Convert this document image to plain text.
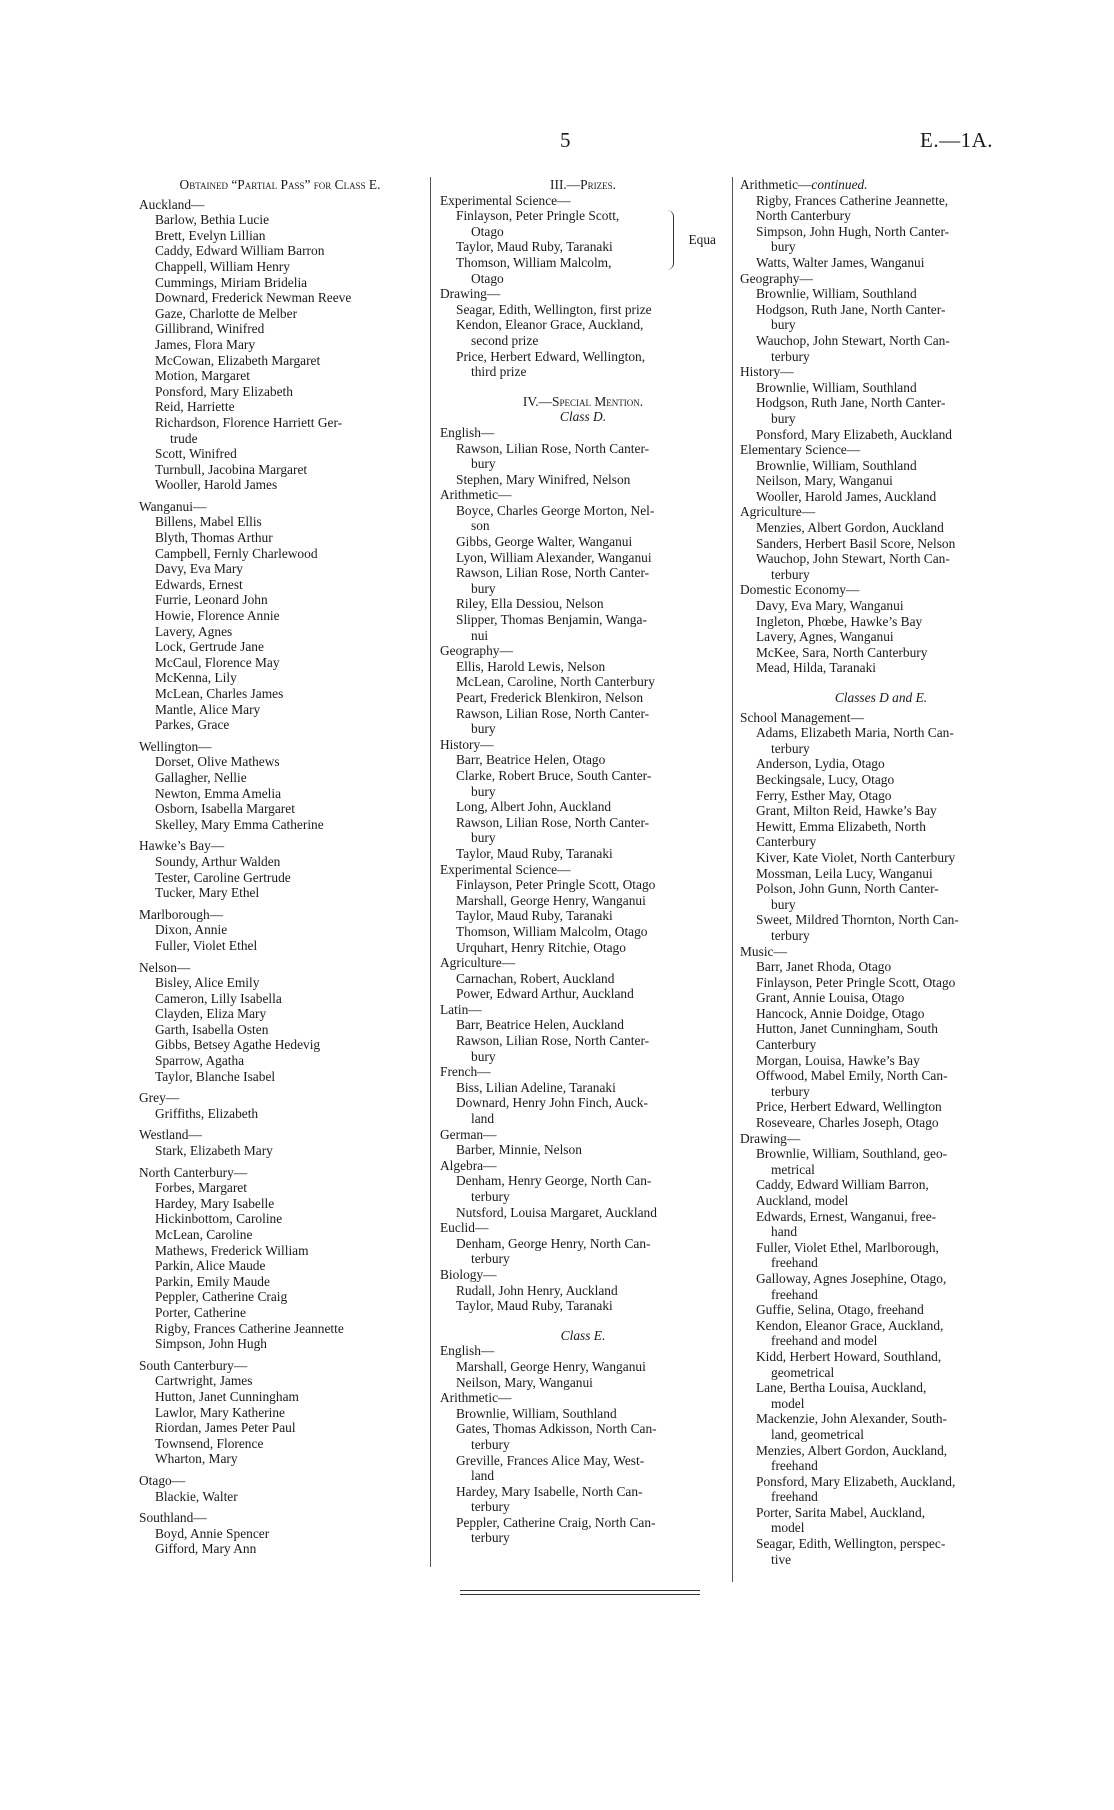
5	E.—1A.
Obtained “Partial Pass” for Class E.
Auckland—
Barlow, Bethia Lucie
Brett, Evelyn Lillian
Caddy, Edward William Barron
Chappell, William Henry
Cummings, Miriam Bridelia
Downard, Frederick Newman Reeve
Gaze, Charlotte de Melber
Gillibrand, Winifred
James, Flora Mary
McCowan, Elizabeth Margaret
Motion, Margaret
Ponsford, Mary Elizabeth
Reid, Harriette
Richardson, Florence Harriett Ger-
trude
Scott, Winifred
Turnbull, Jacobina Margaret
Wooller, Harold James
Wanganui—
Billens, Mabel Ellis
Blyth, Thomas Arthur
Campbell, Fernly Charlewood
Davy, Eva Mary
Edwards, Ernest
Furrie, Leonard John
Howie, Florence Annie
Lavery, Agnes
Lock, Gertrude Jane
McCaul, Florence May
McKenna, Lily
McLean, Charles James
Mantle, Alice Mary
Parkes, Grace
Wellington—
Dorset, Olive Mathews
Gallagher, Nellie
Newton, Emma Amelia
Osborn, Isabella Margaret
Skelley, Mary Emma Catherine
Hawke’s Bay—
Soundy, Arthur Walden
Tester, Caroline Gertrude
Tucker, Mary Ethel
Marlborough—
Dixon, Annie
Fuller, Violet Ethel
Nelson—
Bisley, Alice Emily
Cameron, Lilly Isabella
Clayden, Eliza Mary
Garth, Isabella Osten
Gibbs, Betsey Agathe Hedevig
Sparrow, Agatha
Taylor, Blanche Isabel
Grey—
Griffiths, Elizabeth
Westland—
Stark, Elizabeth Mary
North Canterbury—
Forbes, Margaret
Hardey, Mary Isabelle
Hickinbottom, Caroline
McLean, Caroline
Mathews, Frederick William
Parkin, Alice Maude
Parkin, Emily Maude
Peppler, Catherine Craig
Porter, Catherine
Rigby, Frances Catherine Jeannette
Simpson, John Hugh
South Canterbury—
Cartwright, James
Hutton, Janet Cunningham
Lawlor, Mary Katherine
Riordan, James Peter Paul
Townsend, Florence
Wharton, Mary
Otago—
Blackie, Walter
Southland—
Boyd, Annie Spencer
Gifford, Mary Ann
III.—Prizes.
Experimental Science—
Finlayson, Peter Pringle Scott,
Otago
Taylor, Maud Ruby, Taranaki
Thomson, William Malcolm,
Otago
Equa
Drawing—
Seagar, Edith, Wellington, first prize
Kendon, Eleanor Grace, Auckland,
second prize
Price, Herbert Edward, Wellington,
third prize
IV.—Special Mention.
Class D.
English—
Rawson, Lilian Rose, North Canter-
bury
Stephen, Mary Winifred, Nelson
Arithmetic—
Boyce, Charles George Morton, Nel-
son
Gibbs, George Walter, Wanganui
Lyon, William Alexander, Wanganui
Rawson, Lilian Rose, North Canter-
bury
Riley, Ella Dessiou, Nelson
Slipper, Thomas Benjamin, Wanga-
nui
Geography—
Ellis, Harold Lewis, Nelson
McLean, Caroline, North Canterbury
Peart, Frederick Blenkiron, Nelson
Rawson, Lilian Rose, North Canter-
bury
History—
Barr, Beatrice Helen, Otago
Clarke, Robert Bruce, South Canter-
bury
Long, Albert John, Auckland
Rawson, Lilian Rose, North Canter-
bury
Taylor, Maud Ruby, Taranaki
Experimental Science—
Finlayson, Peter Pringle Scott, Otago
Marshall, George Henry, Wanganui
Taylor, Maud Ruby, Taranaki
Thomson, William Malcolm, Otago
Urquhart, Henry Ritchie, Otago
Agriculture—
Carnachan, Robert, Auckland
Power, Edward Arthur, Auckland
Latin—
Barr, Beatrice Helen, Auckland
Rawson, Lilian Rose, North Canter-
bury
French—
Biss, Lilian Adeline, Taranaki
Downard, Henry John Finch, Auck-
land
German—
Barber, Minnie, Nelson
Algebra—
Denham, Henry George, North Can-
terbury
Nutsford, Louisa Margaret, Auckland
Euclid—
Denham, George Henry, North Can-
terbury
Biology—
Rudall, John Henry, Auckland
Taylor, Maud Ruby, Taranaki
Class E.
English—
Marshall, George Henry, Wanganui
Neilson, Mary, Wanganui
Arithmetic—
Brownlie, William, Southland
Gates, Thomas Adkisson, North Can-
terbury
Greville, Frances Alice May, West-
land
Hardey, Mary Isabelle, North Can-
terbury
Peppler, Catherine Craig, North Can-
terbury
Arithmetic—continued.
Rigby, Frances Catherine Jeannette,
North Canterbury
Simpson, John Hugh, North Canter-
bury
Watts, Walter James, Wanganui
Geography—
Brownlie, William, Southland
Hodgson, Ruth Jane, North Canter-
bury
Wauchop, John Stewart, North Can-
terbury
History—
Brownlie, William, Southland
Hodgson, Ruth Jane, North Canter-
bury
Ponsford, Mary Elizabeth, Auckland
Elementary Science—
Brownlie, William, Southland
Neilson, Mary, Wanganui
Wooller, Harold James, Auckland
Agriculture—
Menzies, Albert Gordon, Auckland
Sanders, Herbert Basil Score, Nelson
Wauchop, John Stewart, North Can-
terbury
Domestic Economy—
Davy, Eva Mary, Wanganui
Ingleton, Phœbe, Hawke’s Bay
Lavery, Agnes, Wanganui
McKee, Sara, North Canterbury
Mead, Hilda, Taranaki
Classes D and E.
School Management—
Adams, Elizabeth Maria, North Can-
terbury
Anderson, Lydia, Otago
Beckingsale, Lucy, Otago
Ferry, Esther May, Otago
Grant, Milton Reid, Hawke’s Bay
Hewitt, Emma Elizabeth, North
Canterbury
Kiver, Kate Violet, North Canterbury
Mossman, Leila Lucy, Wanganui
Polson, John Gunn, North Canter-
bury
Sweet, Mildred Thornton, North Can-
terbury
Music—
Barr, Janet Rhoda, Otago
Finlayson, Peter Pringle Scott, Otago
Grant, Annie Louisa, Otago
Hancock, Annie Doidge, Otago
Hutton, Janet Cunningham, South
Canterbury
Morgan, Louisa, Hawke’s Bay
Offwood, Mabel Emily, North Can-
terbury
Price, Herbert Edward, Wellington
Roseveare, Charles Joseph, Otago
Drawing—
Brownlie, William, Southland, geo-
metrical
Caddy, Edward William Barron,
Auckland, model
Edwards, Ernest, Wanganui, free-
hand
Fuller, Violet Ethel, Marlborough,
freehand
Galloway, Agnes Josephine, Otago,
freehand
Guffie, Selina, Otago, freehand
Kendon, Eleanor Grace, Auckland,
freehand and model
Kidd, Herbert Howard, Southland,
geometrical
Lane, Bertha Louisa, Auckland,
model
Mackenzie, John Alexander, South-
land, geometrical
Menzies, Albert Gordon, Auckland,
freehand
Ponsford, Mary Elizabeth, Auckland,
freehand
Porter, Sarita Mabel, Auckland,
model
Seagar, Edith, Wellington, perspec-
tive
